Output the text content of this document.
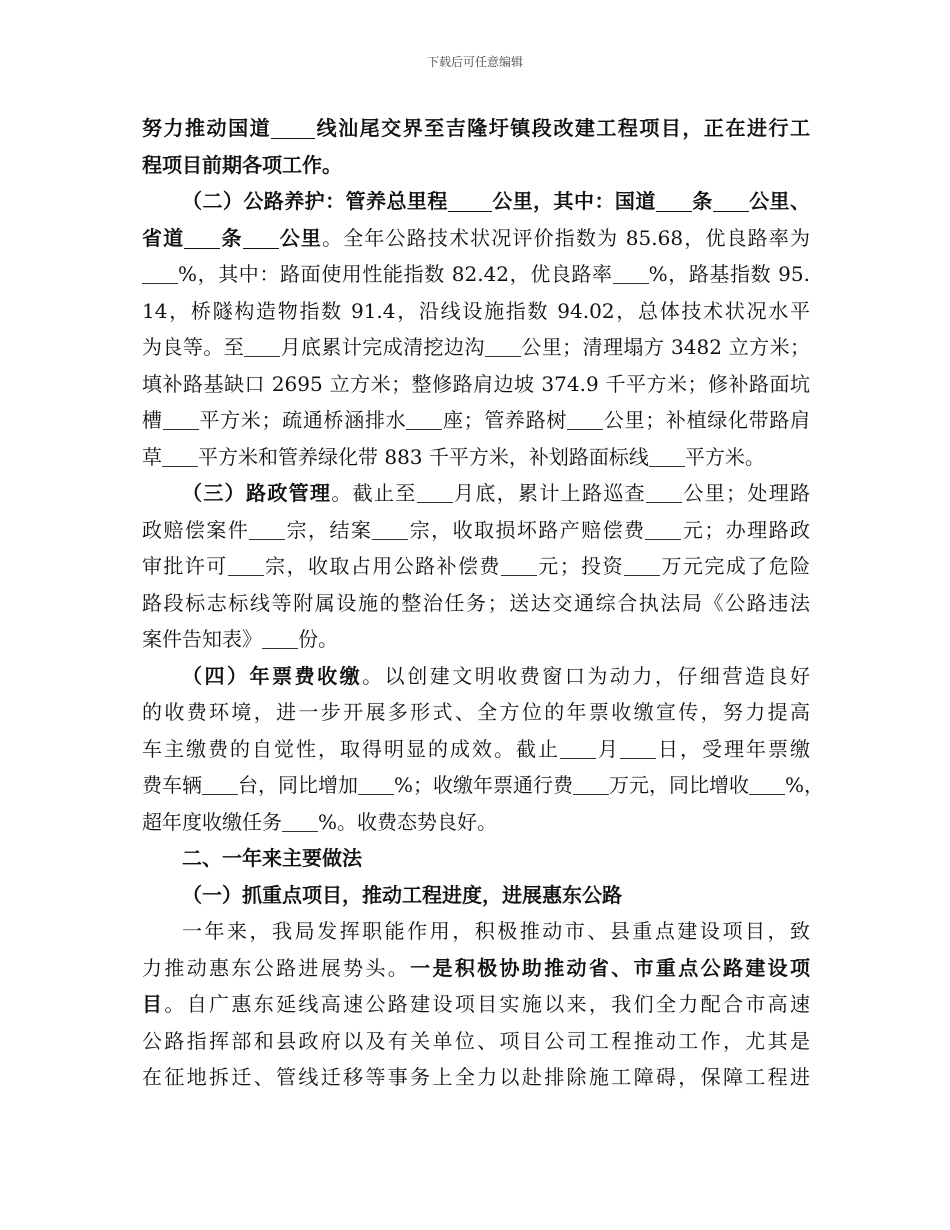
下载后可任意编辑
努力推动国道 线汕尾交界至吉隆圩镇段改建工程项目，正在进行工
程项目前期各项工作。
（二）公路养护：管养总里程 公里，其中：国道 条 公里、
省道 条 公里。全年公路技术状况评价指数为 85.68，优良路率为
%，其中：路面使用性能指数 82.42，优良路率 %，路基指数 95.
14，桥隧构造物指数 91.4，沿线设施指数 94.02，总体技术状况水平
为良等。至 月底累计完成清挖边沟 公里；清理塌方 3482 立方米；
填补路基缺口 2695 立方米；整修路肩边坡 374.9 千平方米；修补路面坑
槽 平方米；疏通桥涵排水 座；管养路树 公里；补植绿化带路肩
草 平方米和管养绿化带 883 千平方米，补划路面标线 平方米。
（三）路政管理。截止至 月底，累计上路巡查 公里；处理路
政赔偿案件 宗，结案 宗，收取损坏路产赔偿费 元；办理路政
审批许可 宗，收取占用公路补偿费 元；投资 万元完成了危险
路段标志标线等附属设施的整治任务；送达交通综合执法局《公路违法
案件告知表》 份。
（四）年票费收缴。以创建文明收费窗口为动力，仔细营造良好
的收费环境，进一步开展多形式、全方位的年票收缴宣传，努力提高
车主缴费的自觉性，取得明显的成效。截止 月 日，受理年票缴
费车辆 台，同比增加 %；收缴年票通行费 万元，同比增收 %，
超年度收缴任务 %。收费态势良好。
二、一年来主要做法
（一）抓重点项目，推动工程进度，进展惠东公路
一年来，我局发挥职能作用，积极推动市、县重点建设项目，致
力推动惠东公路进展势头。一是积极协助推动省、市重点公路建设项
目。自广惠东延线高速公路建设项目实施以来，我们全力配合市高速
公路指挥部和县政府以及有关单位、项目公司工程推动工作，尤其是
在征地拆迁、管线迁移等事务上全力以赴排除施工障碍，保障工程进
